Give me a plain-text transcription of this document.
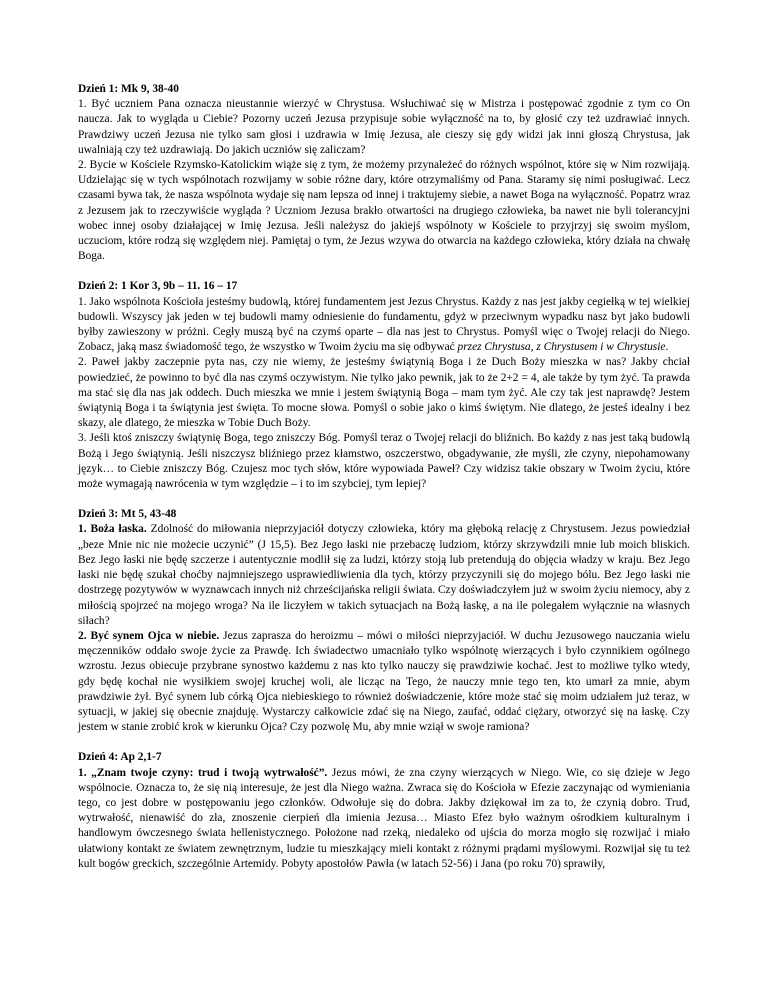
Dzień 1: Mk 9, 38-40

1. Być uczniem Pana oznacza nieustannie wierzyć w Chrystusa. Wsłuchiwać się w Mistrza i postępować zgodnie z tym co On naucza. Jak to wygląda u Ciebie? Pozorny uczeń Jezusa przypisuje sobie wyłączność na to, by głosić czy też uzdrawiać innych. Prawdziwy uczeń Jezusa nie tylko sam głosi i uzdrawia w Imię Jezusa, ale cieszy się gdy widzi jak inni głoszą Chrystusa, jak uwalniają czy też uzdrawiają. Do jakich uczniów się zaliczam?

2. Bycie w Kościele Rzymsko-Katolickim wiąże się z tym, że możemy przynależeć do różnych wspólnot, które się w Nim rozwijają. Udzielając się w tych wspólnotach rozwijamy w sobie różne dary, które otrzymaliśmy od Pana. Staramy się nimi posługiwać. Lecz czasami bywa tak, że nasza wspólnota wydaje się nam lepsza od innej i traktujemy siebie, a nawet Boga na wyłączność. Popatrz wraz z Jezusem jak to rzeczywiście wygląda ? Uczniom Jezusa brakło otwartości na drugiego człowieka, ba nawet nie byli tolerancyjni wobec innej osoby działającej w Imię Jezusa. Jeśli należysz do jakiejś wspólnoty w Kościele to przyjrzyj się swoim myślom, uczuciom, które rodzą się względem niej. Pamiętaj o tym, że Jezus wzywa do otwarcia na każdego człowieka, który działa na chwałę Boga.

Dzień 2: 1 Kor 3, 9b – 11. 16 – 17

1. Jako wspólnota Kościoła jesteśmy budowlą, której fundamentem jest Jezus Chrystus. Każdy z nas jest jakby cegiełką w tej wielkiej budowli. Wszyscy jak jeden w tej budowli mamy odniesienie do fundamentu, gdyż w przeciwnym wypadku nasz byt jako budowli byłby zawieszony w próżni. Cegły muszą być na czymś oparte – dla nas jest to Chrystus. Pomyśl więc o Twojej relacji do Niego. Zobacz, jaką masz świadomość tego, że wszystko w Twoim życiu ma się odbywać przez Chrystusa, z Chrystusem i w Chrystusie.

2. Paweł jakby zaczepnie pyta nas, czy nie wiemy, że jesteśmy świątynią Boga i że Duch Boży mieszka w nas? Jakby chciał powiedzieć, że powinno to być dla nas czymś oczywistym. Nie tylko jako pewnik, jak to że 2+2 = 4, ale także by tym żyć. Ta prawda ma stać się dla nas jak oddech. Duch mieszka we mnie i jestem świątynią Boga – mam tym żyć. Ale czy tak jest naprawdę? Jestem świątynią Boga i ta świątynia jest święta. To mocne słowa. Pomyśl o sobie jako o kimś świętym. Nie dlatego, że jesteś idealny i bez skazy, ale dlatego, że mieszka w Tobie Duch Boży.

3. Jeśli ktoś zniszczy świątynię Boga, tego zniszczy Bóg. Pomyśl teraz o Twojej relacji do bliźnich. Bo każdy z nas jest taką budowlą Bożą i Jego świątynią. Jeśli niszczysz bliźniego przez kłamstwo, oszczerstwo, obgadywanie, złe myśli, złe czyny, niepohamowany język… to Ciebie zniszczy Bóg. Czujesz moc tych słów, które wypowiada Paweł? Czy widzisz takie obszary w Twoim życiu, które może wymagają nawrócenia w tym względzie – i to im szybciej, tym lepiej?

Dzień 3: Mt 5, 43-48

1. Boża łaska. Zdolność do miłowania nieprzyjaciół dotyczy człowieka, który ma głęboką relację z Chrystusem. Jezus powiedział „beze Mnie nic nie możecie uczynić” (J 15,5). Bez Jego łaski nie przebaczę ludziom, którzy skrzywdzili mnie lub moich bliskich. Bez Jego łaski nie będę szczerze i autentycznie modlił się za ludzi, którzy stoją lub pretendują do objęcia władzy w kraju. Bez Jego łaski nie będę szukał choćby najmniejszego usprawiedliwienia dla tych, którzy przyczynili się do mojego bólu. Bez Jego łaski nie dostrzegę pozytywów w wyznawcach innych niż chrześcijańska religii świata. Czy doświadczyłem już w swoim życiu niemocy, aby z miłością spojrzeć na mojego wroga? Na ile liczyłem w takich sytuacjach na Bożą łaskę, a na ile polegałem wyłącznie na własnych siłach?

2. Być synem Ojca w niebie. Jezus zaprasza do heroizmu – mówi o miłości nieprzyjaciół. W duchu Jezusowego nauczania wielu męczenników oddało swoje życie za Prawdę. Ich świadectwo umacniało tylko wspólnotę wierzących i było czynnikiem ogólnego wzrostu. Jezus obiecuje przybrane synostwo każdemu z nas kto tylko nauczy się prawdziwie kochać. Jest to możliwe tylko wtedy, gdy będę kochał nie wysiłkiem swojej kruchej woli, ale licząc na Tego, że nauczy mnie tego ten, kto umarł za mnie, abym prawdziwie żył. Być synem lub córką Ojca niebieskiego to również doświadczenie, które może stać się moim udziałem już teraz, w sytuacji, w jakiej się obecnie znajduję. Wystarczy całkowicie zdać się na Niego, zaufać, oddać ciężary, otworzyć się na łaskę. Czy jestem w stanie zrobić krok w kierunku Ojca? Czy pozwolę Mu, aby mnie wziął w swoje ramiona?

Dzień 4: Ap 2,1-7

1. „Znam twoje czyny: trud i twoją wytrwałość”. Jezus mówi, że zna czyny wierzących w Niego. Wie, co się dzieje w Jego wspólnocie. Oznacza to, że się nią interesuje, że jest dla Niego ważna. Zwraca się do Kościoła w Efezie zaczynając od wymieniania tego, co jest dobre w postępowaniu jego członków. Odwołuje się do dobra. Jakby dziękował im za to, że czynią dobro. Trud, wytrwałość, nienawiść do zła, znoszenie cierpień dla imienia Jezusa… Miasto Efez było ważnym ośrodkiem kulturalnym i handlowym ówczesnego świata hellenistycznego. Położone nad rzeką, niedaleko od ujścia do morza mogło się rozwijać i miało ułatwiony kontakt ze światem zewnętrznym, ludzie tu mieszkający mieli kontakt z różnymi prądami myślowymi. Rozwijał się tu też kult bogów greckich, szczególnie Artemidy. Pobyty apostołów Pawła (w latach 52-56) i Jana (po roku 70) sprawiły,
